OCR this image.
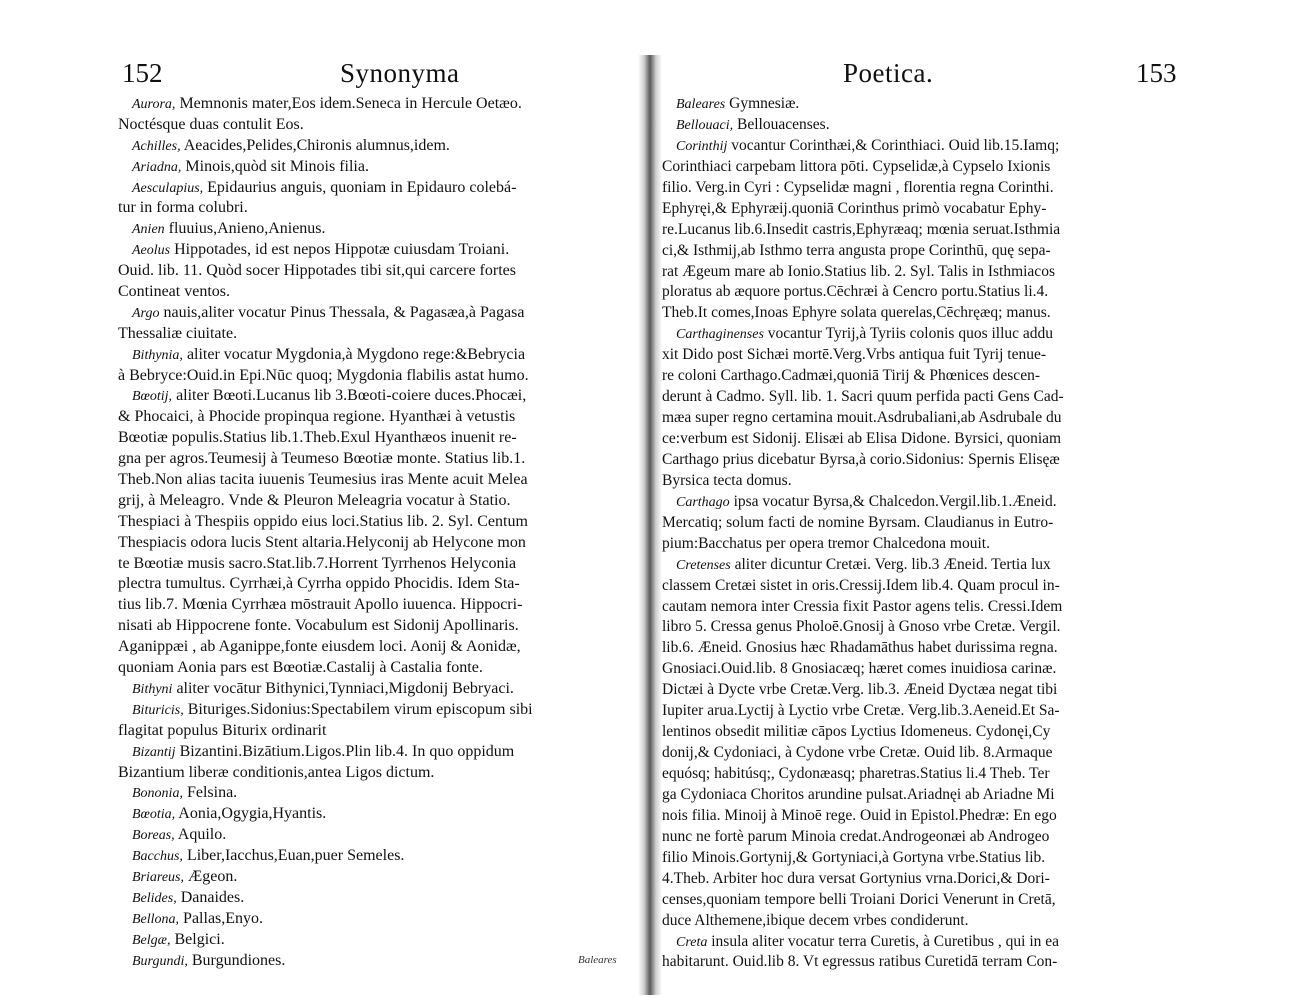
152	Synonyma
Aurora, Memnonis mater,Eos idem.Seneca in Hercule Oetæo.
Noctésque duas contulit Eos.
Achilles, Aeacides,Pelides,Chironis alumnus,idem.
Ariadna, Minois,quòd sit Minois filia.
Aesculapius, Epidaurius anguis, quoniam in Epidauro colebá-
tur in forma colubri.
Anien fluuius,Anieno,Anienus.
Aeolus Hippotades, id est nepos Hippotæ cuiusdam Troiani.
Ouid. lib. 11. Quòd socer Hippotades tibi sit,qui carcere fortes
Contineat ventos.
Argo nauis,aliter vocatur Pinus Thessala, & Pagasæa,à Pagasa
Thessaliæ ciuitate.
Bithynia, aliter vocatur Mygdonia,à Mygdono rege:&Bebrycia
à Bebryce:Ouid.in Epi.Nūc quoq; Mygdonia flabilis astat humo.
Bœotij, aliter Bœoti.Lucanus lib 3.Bœoti-coiere duces.Phocæi,
& Phocaici, à Phocide propinqua regione. Hyanthæi à vetustis
Bœotiæ populis.Statius lib.1.Theb.Exul Hyanthæos inuenit re-
gna per agros.Teumesij à Teumeso Bœotiæ monte. Statius lib.1.
Theb.Non alias tacita iuuenis Teumesius iras Mente acuit Melea
grij, à Meleagro. Vnde & Pleuron Meleagria vocatur à Statio.
Thespiaci à Thespiis oppido eius loci.Statius lib. 2. Syl. Centum
Thespiacis odora lucis Stent altaria.Helyconij ab Helycone mon
te Bœotiæ musis sacro.Stat.lib.7.Horrent Tyrrhenos Helyconia
plectra tumultus. Cyrrhæi,à Cyrrha oppido Phocidis. Idem Sta-
tius lib.7. Mœnia Cyrrhæa mōstrauit Apollo iuuenca. Hippocri-
nisati ab Hippocrene fonte. Vocabulum est Sidonij Apollinaris.
Aganippæi , ab Aganippe,fonte eiusdem loci. Aonij & Aonidæ,
quoniam Aonia pars est Bœotiæ.Castalij à Castalia fonte.
Bithyni aliter vocātur Bithynici,Tynniaci,Migdonij Bebryaci.
Bituricis, Bituriges.Sidonius:Spectabilem virum episcopum sibi
flagitat populus Biturix ordinarit
Bizantij Bizantini.Bizātium.Ligos.Plin lib.4. In quo oppidum
Bizantium liberæ conditionis,antea Ligos dictum.
Bononia, Felsina.
Bœotia, Aonia,Ogygia,Hyantis.
Boreas, Aquilo.
Bacchus, Liber,Iacchus,Euan,puer Semeles.
Briareus, Ægeon.
Belides, Danaides.
Bellona, Pallas,Enyo.
Belgæ, Belgici.
Burgundi, Burgundiones.	Baleares
153
Poetica.
Baleares Gymnesiæ.
Bellouaci, Bellouacenses.
Corinthij vocantur Corinthæi,& Corinthiaci. Ouid lib.15.Iamq;
Corinthiaci carpebam littora pōti. Cypselidæ,à Cypselo Ixionis
filio. Verg.in Cyri : Cypselidæ magni , florentia regna Corinthi.
Ephyręi,& Ephyræij.quoniā Corinthus primò vocabatur Ephy-
re.Lucanus lib.6.Insedit castris,Ephyræaq; mœnia seruat.Isthmia
ci,& Isthmij,ab Isthmo terra angusta prope Corinthū, quę sepa-
rat Ægeum mare ab Ionio.Statius lib. 2. Syl. Talis in Isthmiacos
ploratus ab æquore portus.Cēchræi à Cencro portu.Statius li.4.
Theb.It comes,Inoas Ephyre solata querelas,Cēchręæq; manus.
Carthaginenses vocantur Tyrij,à Tyriis colonis quos illuc addu
xit Dido post Sichæi mortē.Verg.Vrbs antiqua fuit Tyrij tenue-
re coloni Carthago.Cadmæi,quoniā Tirij & Phœnices descen-
derunt à Cadmo. Syll. lib. 1. Sacri quum perfida pacti Gens Cad-
mæa super regno certamina mouit.Asdrubaliani,ab Asdrubale du
ce:verbum est Sidonij. Elisæi ab Elisa Didone. Byrsici, quoniam
Carthago prius dicebatur Byrsa,à corio.Sidonius: Spernis Elisęæ
Byrsica tecta domus.
Carthago ipsa vocatur Byrsa,& Chalcedon.Vergil.lib.1.Æneid.
Mercatiq; solum facti de nomine Byrsam. Claudianus in Eutro-
pium:Bacchatus per opera tremor Chalcedona mouit.
Cretenses aliter dicuntur Cretæi. Verg. lib.3 Æneid. Tertia lux
classem Cretæi sistet in oris.Cressij.Idem lib.4. Quam procul in-
cautam nemora inter Cressia fixit Pastor agens telis. Cressi.Idem
libro 5. Cressa genus Pholoē.Gnosij à Gnoso vrbe Cretæ. Vergil.
lib.6. Æneid. Gnosius hæc Rhadamāthus habet durissima regna.
Gnosiaci.Ouid.lib. 8 Gnosiacæq; hæret comes inuidiosa carinæ.
Dictæi à Dycte vrbe Cretæ.Verg. lib.3. Æneid Dyctæa negat tibi
Iupiter arua.Lyctij à Lyctio vrbe Cretæ. Verg.lib.3.Aeneid.Et Sa-
lentinos obsedit militiæ cāpos Lyctius Idomeneus. Cydonęi,Cy
donij,& Cydoniaci, à Cydone vrbe Cretæ. Ouid lib. 8.Armaque
equósq; habitúsq;, Cydonæasq; pharetras.Statius li.4 Theb. Ter
ga Cydoniaca Choritos arundine pulsat.Ariadnęi ab Ariadne Mi
nois filia. Minoij à Minoē rege. Ouid in Epistol.Phedræ: En ego
nunc ne fortè parum Minoia credat.Androgeonæi ab Androgeo
filio Minois.Gortynij,& Gortyniaci,à Gortyna vrbe.Statius lib.
4.Theb. Arbiter hoc dura versat Gortynius vrna.Dorici,& Dori-
censes,quoniam tempore belli Troiani Dorici Venerunt in Cretā,
duce Althemene,ibique decem vrbes condiderunt.
Creta insula aliter vocatur terra Curetis, à Curetibus , qui in ea
habitarunt. Ouid.lib 8. Vt egressus ratibus Curetidā terram Con-
